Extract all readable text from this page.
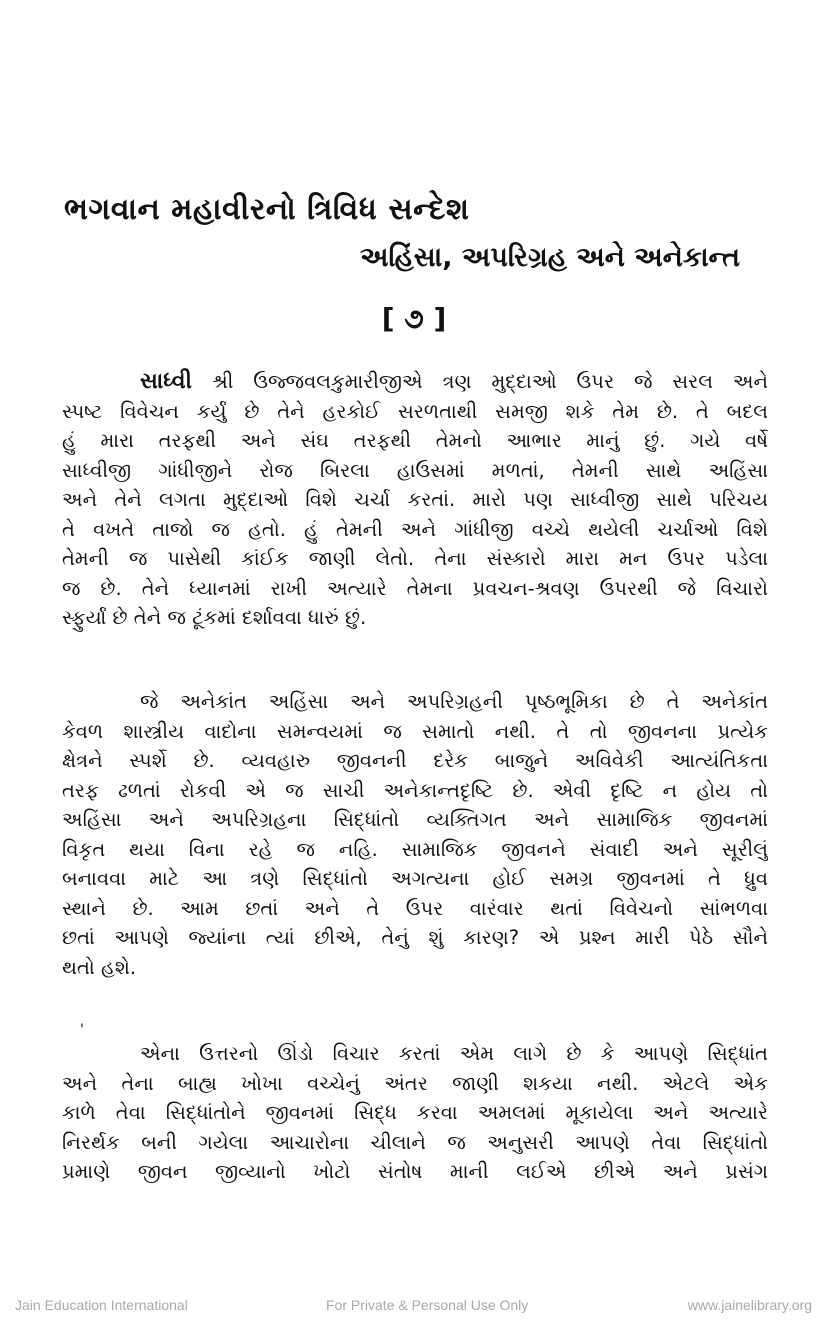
ભગવાન મહાવીરનો ત્રિવિધ સન્દેશ
અહિંસા, અપરિગ્રહ અને અનેકાન્ત
[ ૭ ]
સાધ્વી શ્રી ઉજ્જવલકુમારીજીએ ત્રણ મુદ્દાઓ ઉપર જે સરલ અને
સ્પષ્ટ વિવેચન કર્યું છે તેને હરકોઈ સરળતાથી સમજી શકે તેમ છે. તે બદલ
હું મારા તરફથી અને સંઘ તરફથી તેમનો આભાર માનું છું. ગયે વર્ષે
સાધ્વીજી ગાંધીજીને રોજ બિરલા હાઉસમાં મળતાં, તેમની સાથે અહિંસા
અને તેને લગતા મુદ્દાઓ વિશે ચર્ચા કરતાં. મારો પણ સાધ્વીજી સાથે પરિચય
તે વખતે તાજો જ હતો. હું તેમની અને ગાંધીજી વચ્ચે થયેલી ચર્ચાઓ વિશે
તેમની જ પાસેથી કાંઈક જાણી લેતો. તેના સંસ્કારો મારા મન ઉપર પડેલા
જ છે. તેને ધ્યાનમાં રાખી અત્યારે તેમના પ્રવચન-શ્રવણ ઉપરથી જે વિચારો
સ્ફુર્યાં છે તેને જ ટૂંકમાં દર્શાવવા ધારું છું.
જે અનેકાંત અહિંસા અને અપરિગ્રહની પૃષ્ઠભૂમિકા છે તે અનેકાંત
કેવળ શાસ્ત્રીય વાદોના સમન્વયમાં જ સમાતો નથી. તે તો જીવનના પ્રત્યેક
ક્ષેત્રને સ્પર્શે છે. વ્યવહારુ જીવનની દરેક બાજુને અવિવેકી આત્યંતિકતા
તરફ ઢળતાં રોકવી એ જ સાચી અનેકાન્તદૃષ્ટિ છે. એવી દૃષ્ટિ ન હોય તો
અહિંસા અને અપરિગ્રહના સિદ્ધાંતો વ્યક્તિગત અને સામાજિક જીવનમાં
વિકૃત થયા વિના રહે જ નહિ. સામાજિક જીવનને સંવાદી અને સૂરીલું
બનાવવા માટે આ ત્રણે સિદ્ધાંતો અગત્યના હોઈ સમગ્ર જીવનમાં તે ધ્રુવ
સ્થાને છે. આમ છતાં અને તે ઉપર વારંવાર થતાં વિવેચનો સાંભળવા
છતાં આપણે જ્યાંના ત્યાં છીએ, તેનું શું કારણ? એ પ્રશ્ન મારી પેઠે સૌને
થતો હશે.
'
એના ઉત્તરનો ઊંડો વિચાર કરતાં એમ લાગે છે કે આપણે સિદ્ધાંત
અને તેના બાહ્ય ખોખા વચ્ચેનું અંતર જાણી શકયા નથી. એટલે એક
કાળે તેવા સિદ્ધાંતોને જીવનમાં સિદ્ધ કરવા અમલમાં મૂકાયેલા અને અત્યારે
નિરર્થક બની ગયેલા આચારોના ચીલાને જ અનુસરી આપણે તેવા સિદ્ધાંતો
પ્રમાણે જીવન જીવ્યાનો ખોટો સંતોષ માની લઈએ છીએ અને પ્રસંગ
Jain Education International	For Private & Personal Use Only	www.jainelibrary.org
